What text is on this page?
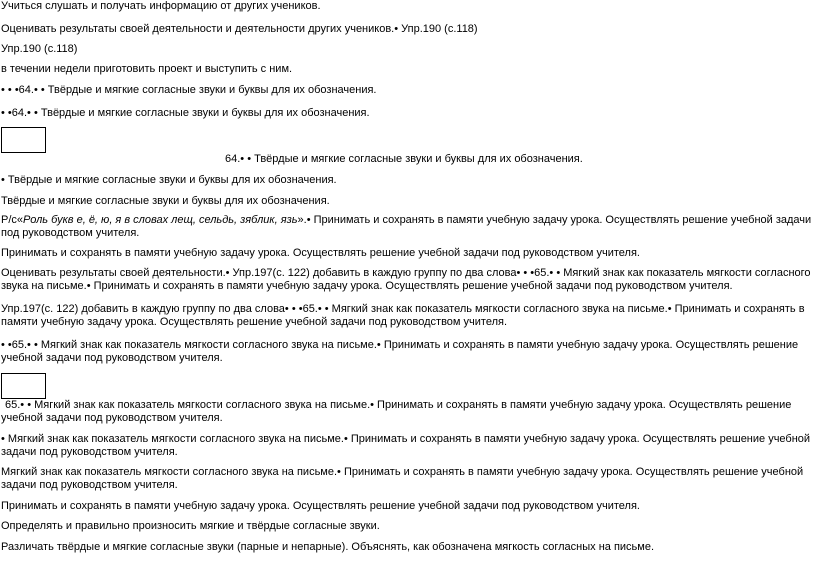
Учиться слушать и получать информацию от других учеников.
Оценивать результаты своей деятельности и деятельности других учеников.• Упр.190 (с.118)
Упр.190 (с.118)
в течении недели приготовить проект и выступить с ним.
• • •64.• • Твёрдые и мягкие согласные звуки и буквы для их обозначения.
• •64.• • Твёрдые и мягкие согласные звуки и буквы для их обозначения.
64.• • Твёрдые и мягкие согласные звуки и буквы для их обозначения.
• Твёрдые и мягкие согласные звуки и буквы для их обозначения.
Твёрдые и мягкие согласные звуки и буквы для их обозначения.
Р/с«Роль букв е, ё, ю, я в словах лещ, сельдь, зяблик, язь».• Принимать и сохранять в памяти учебную задачу урока. Осуществлять решение учебной задачи под руководством учителя.
Принимать и сохранять в памяти учебную задачу урока. Осуществлять решение учебной задачи под руководством учителя.
Оценивать результаты своей деятельности.• Упр.197(с. 122) добавить в каждую группу по два слова• • •65.• • Мягкий знак как показатель мягкости согласного звука на письме.• Принимать и сохранять в памяти учебную задачу урока. Осуществлять решение учебной задачи под руководством учителя.
Упр.197(с. 122) добавить в каждую группу по два слова• • •65.• • Мягкий знак как показатель мягкости согласного звука на письме.• Принимать и сохранять в памяти учебную задачу урока. Осуществлять решение учебной задачи под руководством учителя.
• •65.• • Мягкий знак как показатель мягкости согласного звука на письме.• Принимать и сохранять в памяти учебную задачу урока. Осуществлять решение учебной задачи под руководством учителя.
65.• • Мягкий знак как показатель мягкости согласного звука на письме.• Принимать и сохранять в памяти учебную задачу урока. Осуществлять решение учебной задачи под руководством учителя.
• Мягкий знак как показатель мягкости согласного звука на письме.• Принимать и сохранять в памяти учебную задачу урока. Осуществлять решение учебной задачи под руководством учителя.
Мягкий знак как показатель мягкости согласного звука на письме.• Принимать и сохранять в памяти учебную задачу урока. Осуществлять решение учебной задачи под руководством учителя.
Принимать и сохранять в памяти учебную задачу урока. Осуществлять решение учебной задачи под руководством учителя.
Определять и правильно произносить мягкие и твёрдые согласные звуки.
Различать твёрдые и мягкие согласные звуки (парные и непарные). Объяснять, как обозначена мягкость согласных на письме.
